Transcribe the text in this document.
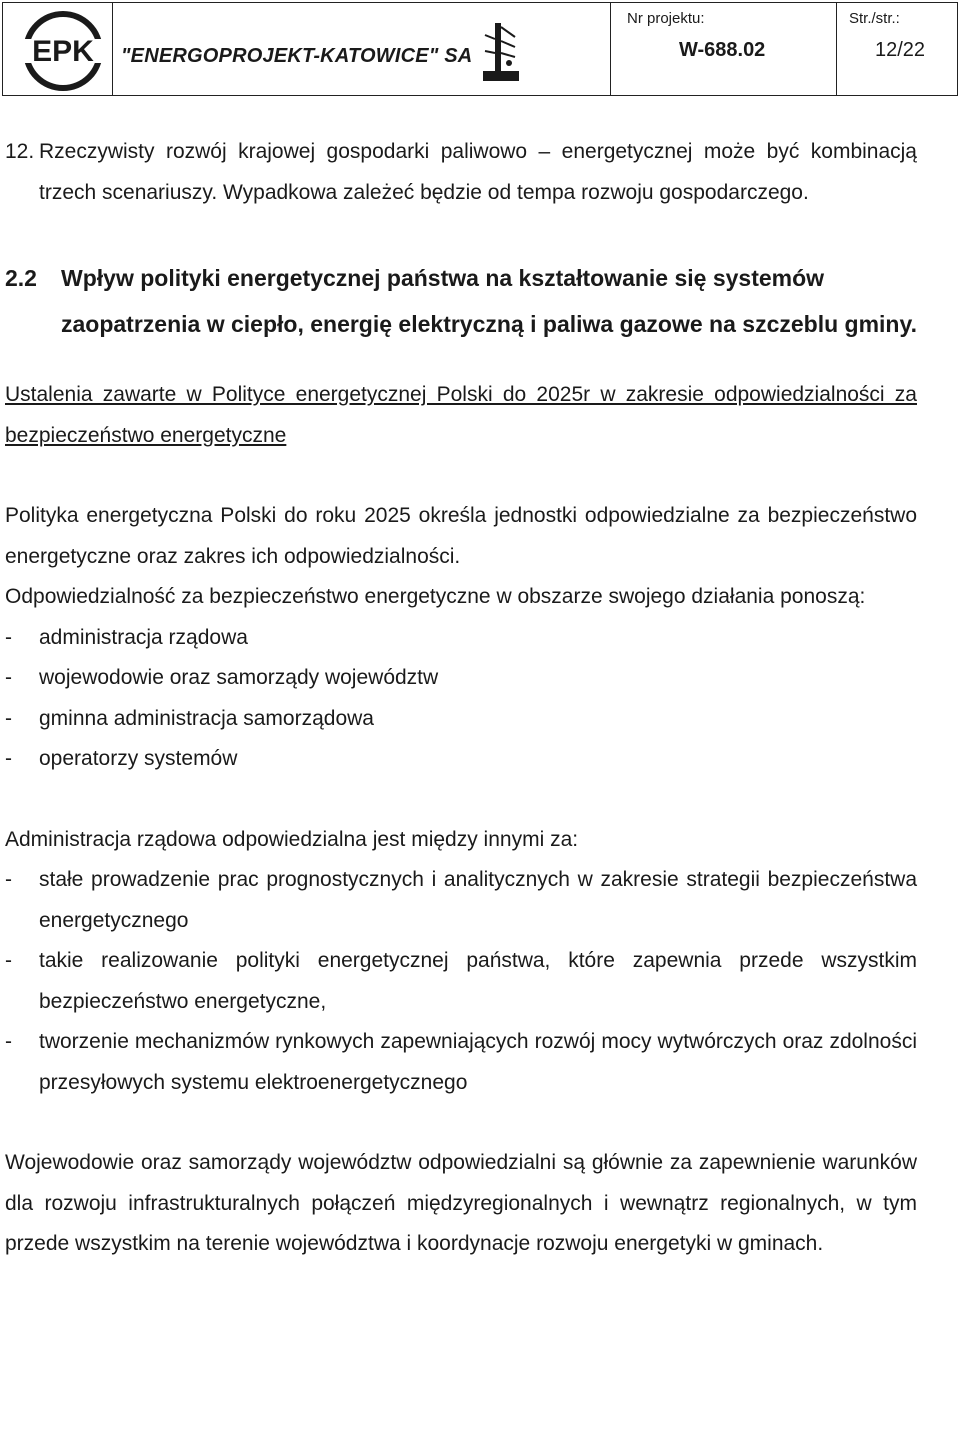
EPK "ENERGOPROJEKT-KATOWICE" SA
Nr projektu:
W-688.02
Str./str.:
12/22
12. Rzeczywisty rozwój krajowej gospodarki paliwowo – energetycznej może być kombinacją trzech scenariuszy. Wypadkowa zależeć będzie od tempa rozwoju gospodarczego.
2.2	Wpływ polityki energetycznej państwa na kształtowanie się systemów zaopatrzenia w ciepło, energię elektryczną i paliwa gazowe na szczeblu gminy.

Ustalenia zawarte w Polityce energetycznej Polski do 2025r w zakresie odpowiedzialności za bezpieczeństwo energetyczne

Polityka energetyczna Polski do roku 2025 określa jednostki odpowiedzialne za bezpieczeństwo energetyczne oraz zakres ich odpowiedzialności.

Odpowiedzialność za bezpieczeństwo energetyczne w obszarze swojego działania ponoszą:

-	administracja rządowa
-	wojewodowie oraz samorządy województw
-	gminna administracja samorządowa
-	operatorzy systemów

Administracja rządowa odpowiedzialna jest między innymi za:

-	stałe prowadzenie prac prognostycznych i analitycznych w zakresie strategii bezpieczeństwa energetycznego
-	takie realizowanie polityki energetycznej państwa, które zapewnia przede wszystkim bezpieczeństwo energetyczne,
-	tworzenie mechanizmów rynkowych zapewniających rozwój mocy wytwórczych oraz zdolności przesyłowych systemu elektroenergetycznego

Wojewodowie oraz samorządy województw odpowiedzialni są głównie za zapewnienie warunków dla rozwoju infrastrukturalnych połączeń międzyregionalnych i wewnątrz regionalnych, w tym przede wszystkim na terenie województwa i koordynacje rozwoju energetyki w gminach.
